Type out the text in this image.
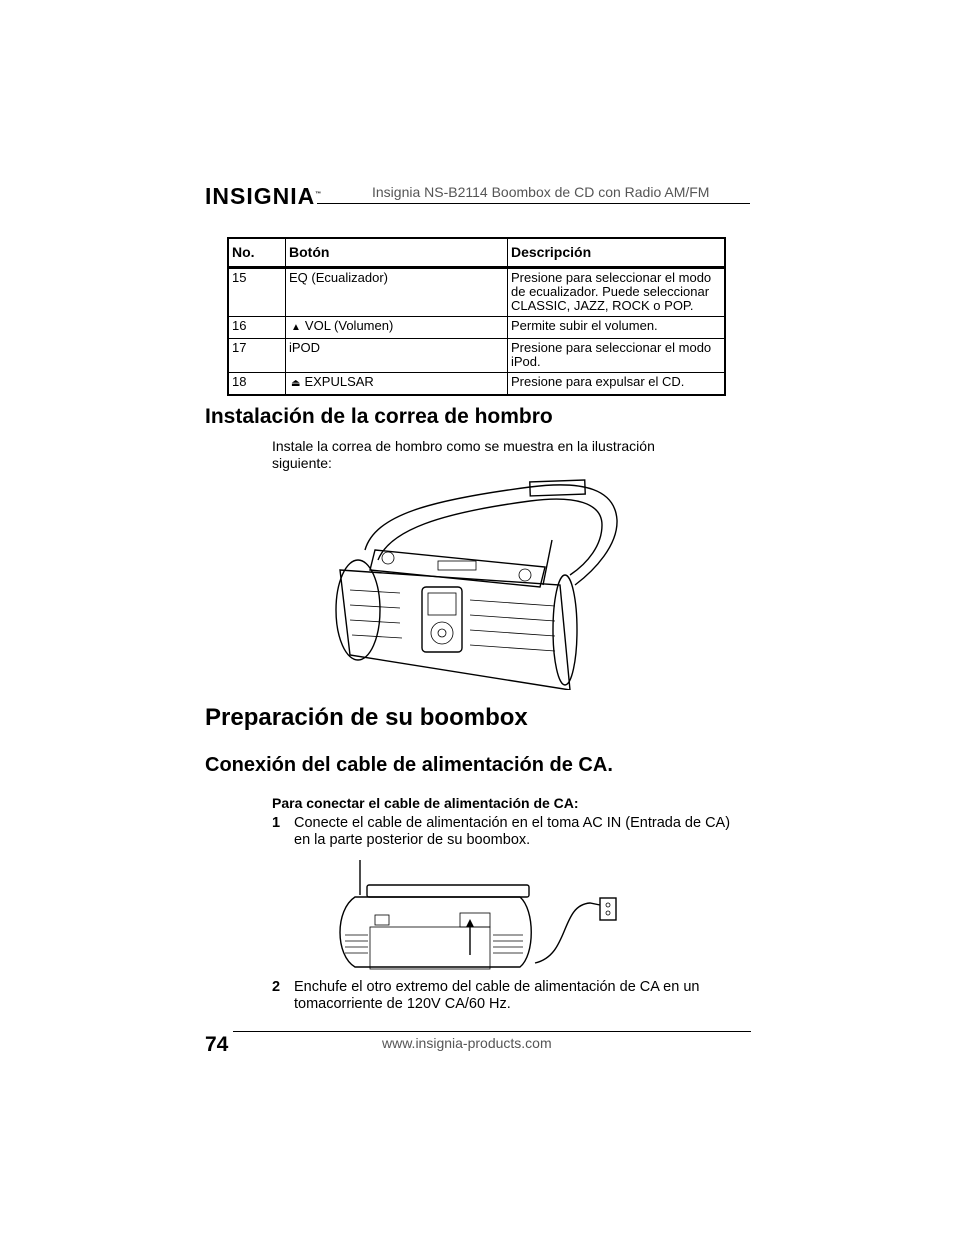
INSIGNIA™	Insignia NS-B2114 Boombox de CD con Radio AM/FM
No.	Botón	Descripción
15	EQ (Ecualizador)	Presione para seleccionar el modo de ecualizador. Puede seleccionar CLASSIC, JAZZ, ROCK o POP.
16	▲ VOL (Volumen)	Permite subir el volumen.
17	iPOD	Presione para seleccionar el modo iPod.
18	⏏ EXPULSAR	Presione para expulsar el CD.
Instalación de la correa de hombro

Instale la correa de hombro como se muestra en la ilustración siguiente:

Preparación de su boombox
Conexión del cable de alimentación de CA.
Para conectar el cable de alimentación de CA:
1 Conecte el cable de alimentación en el toma AC IN (Entrada de CA) en la parte posterior de su boombox.
2 Enchufe el otro extremo del cable de alimentación de CA en un tomacorriente de 120V CA/60 Hz.
74	www.insignia-products.com
